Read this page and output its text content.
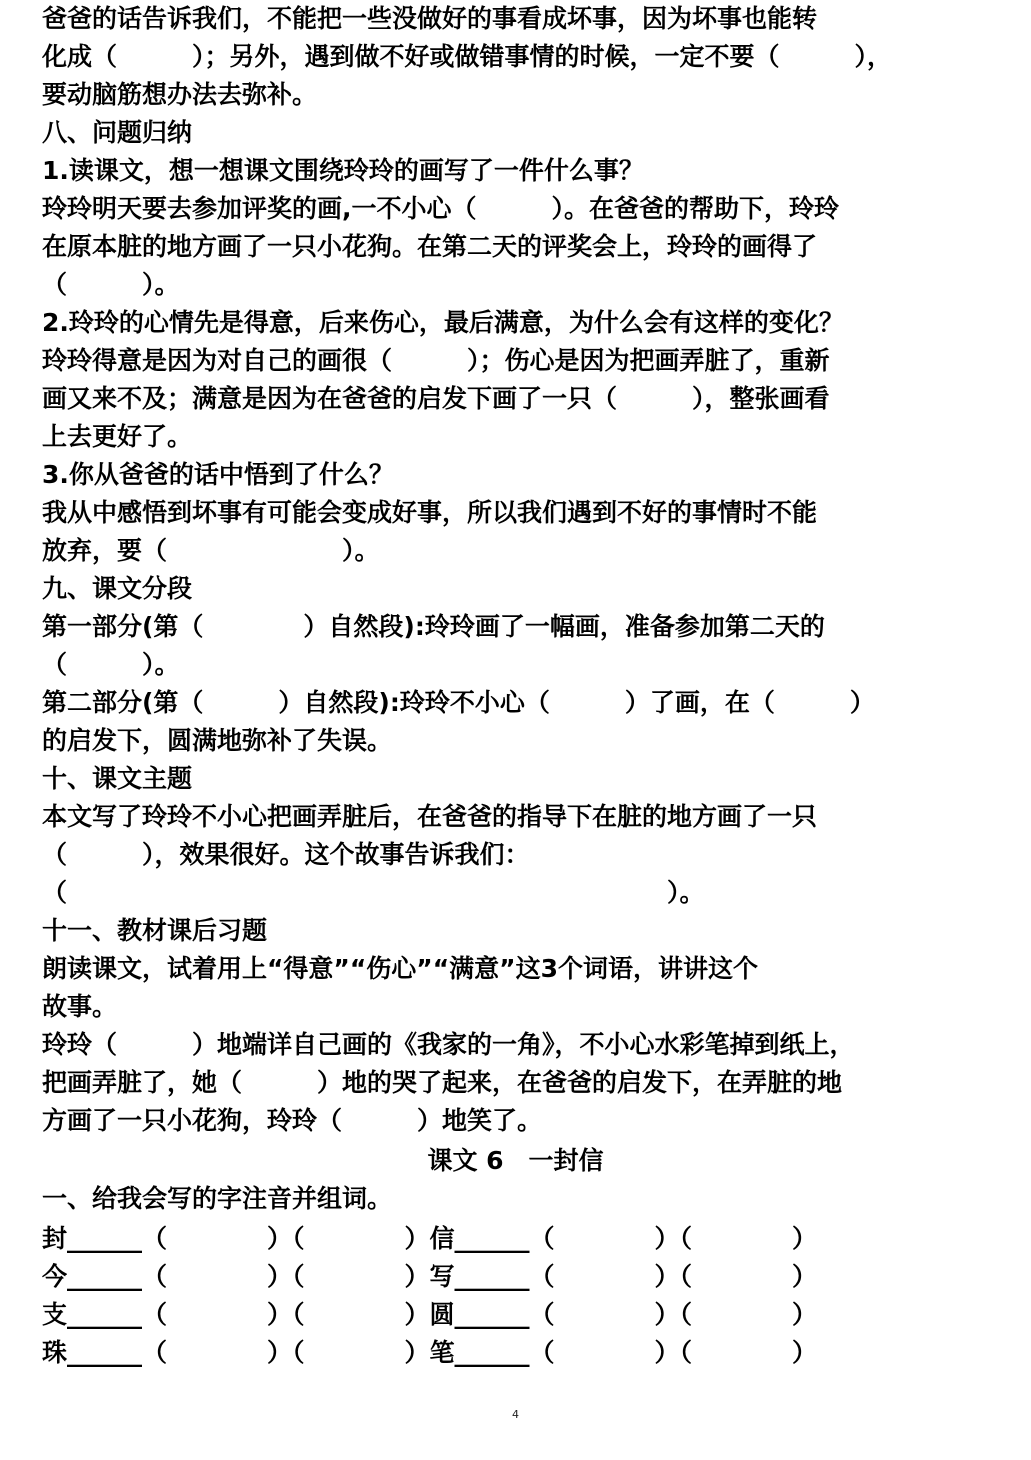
爸爸的话告诉我们，不能把一些没做好的事看成坏事，因为坏事也能转
化成（　　　）；另外，遇到做不好或做错事情的时候，一定不要（　　　），
要动脑筋想办法去弥补。
八、问题归纳
1.读课文，想一想课文围绕玲玲的画写了一件什么事？
玲玲明天要去参加评奖的画,一不小心（　　　）。在爸爸的帮助下，玲玲
在原本脏的地方画了一只小花狗。在第二天的评奖会上，玲玲的画得了
（　　　）。
2.玲玲的心情先是得意，后来伤心，最后满意，为什么会有这样的变化？
玲玲得意是因为对自己的画很（　　　）；伤心是因为把画弄脏了，重新
画又来不及；满意是因为在爸爸的启发下画了一只（　　　），整张画看
上去更好了。
3.你从爸爸的话中悟到了什么？
我从中感悟到坏事有可能会变成好事，所以我们遇到不好的事情时不能
放弃，要（　　　　　　　）。
九、课文分段
第一部分(第（　　　　）自然段):玲玲画了一幅画，准备参加第二天的
（　　　）。
第二部分(第（　　　）自然段):玲玲不小心（　　　）了画，在（　　　）
的启发下，圆满地弥补了失误。
十、课文主题
本文写了玲玲不小心把画弄脏后，在爸爸的指导下在脏的地方画了一只
（　　　），效果很好。这个故事告诉我们：
（　　　　　　　　　　　　　　　　　　　　　　　　）。
十一、教材课后习题
朗读课文，试着用上“得意”“伤心”“满意”这3个词语，讲讲这个
故事。
玲玲（　　　）地端详自己画的《我家的一角》，不小心水彩笔掉到纸上，
把画弄脏了，她（　　　）地的哭了起来，在爸爸的启发下，在弄脏的地
方画了一只小花狗，玲玲（　　　）地笑了。
课文 6　一封信
一、给我会写的字注音并组词。
封______（　　　　）（　　　　）信______（　　　　）（　　　　）
今______（　　　　）（　　　　）写______（　　　　）（　　　　）
支______（　　　　）（　　　　）圆______（　　　　）（　　　　）
珠______（　　　　）（　　　　）笔______（　　　　）（　　　　）
4
